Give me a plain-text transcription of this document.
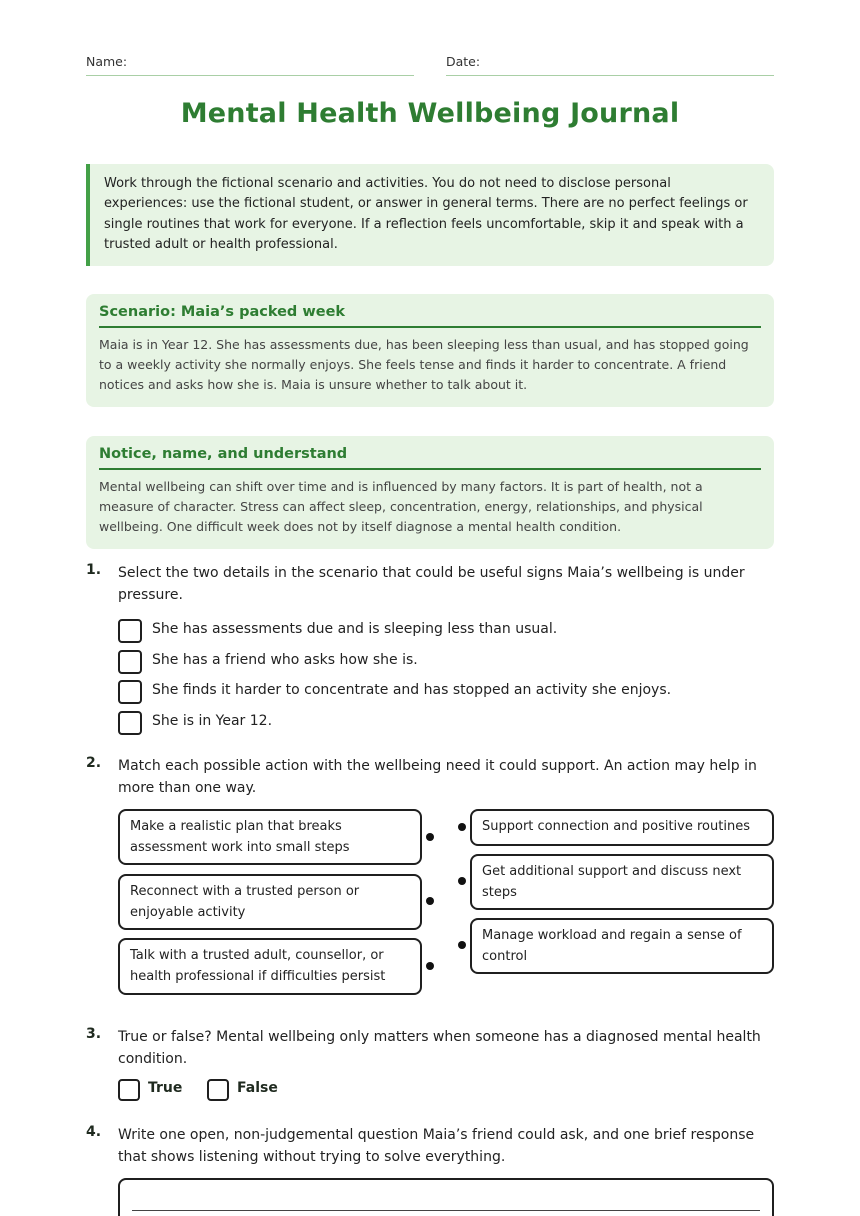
Name:	Date:
Mental Health Wellbeing Journal
Work through the fictional scenario and activities. You do not need to disclose personal experiences: use the fictional student, or answer in general terms. There are no perfect feelings or single routines that work for everyone. If a reflection feels uncomfortable, skip it and speak with a trusted adult or health professional.
Scenario: Maia’s packed week
Maia is in Year 12. She has assessments due, has been sleeping less than usual, and has stopped going to a weekly activity she normally enjoys. She feels tense and finds it harder to concentrate. A friend notices and asks how she is. Maia is unsure whether to talk about it.
Notice, name, and understand
Mental wellbeing can shift over time and is influenced by many factors. It is part of health, not a measure of character. Stress can affect sleep, concentration, energy, relationships, and physical wellbeing. One difficult week does not by itself diagnose a mental health condition.
1. Select the two details in the scenario that could be useful signs Maia’s wellbeing is under pressure.
She has assessments due and is sleeping less than usual.
She has a friend who asks how she is.
She finds it harder to concentrate and has stopped an activity she enjoys.
She is in Year 12.
2. Match each possible action with the wellbeing need it could support. An action may help in more than one way.
Make a realistic plan that breaks assessment work into small steps
Reconnect with a trusted person or enjoyable activity
Talk with a trusted adult, counsellor, or health professional if difficulties persist
Support connection and positive routines
Get additional support and discuss next steps
Manage workload and regain a sense of control
3. True or false? Mental wellbeing only matters when someone has a diagnosed mental health condition.
True	False
4. Write one open, non-judgemental question Maia’s friend could ask, and one brief response that shows listening without trying to solve everything.
